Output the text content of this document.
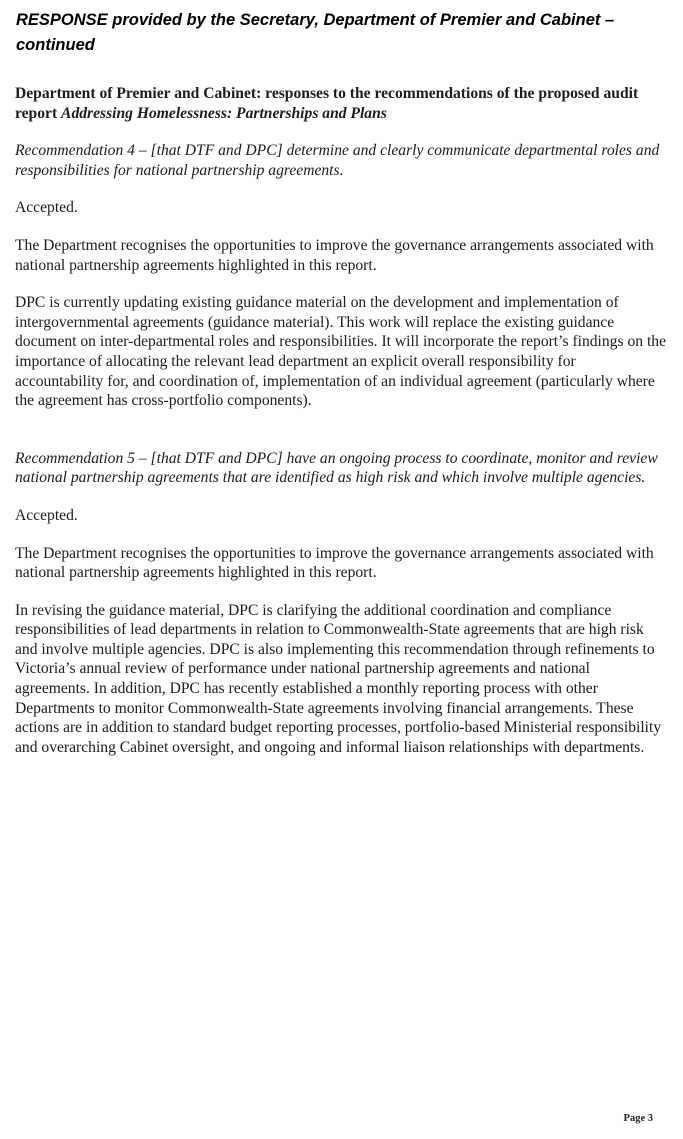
RESPONSE provided by the Secretary, Department of Premier and Cabinet –
continued

Department of Premier and Cabinet: responses to the recommendations of the proposed audit report Addressing Homelessness: Partnerships and Plans

Recommendation 4 – [that DTF and DPC] determine and clearly communicate departmental roles and responsibilities for national partnership agreements.

Accepted.

The Department recognises the opportunities to improve the governance arrangements associated with national partnership agreements highlighted in this report.

DPC is currently updating existing guidance material on the development and implementation of intergovernmental agreements (guidance material). This work will replace the existing guidance document on inter-departmental roles and responsibilities. It will incorporate the report’s findings on the importance of allocating the relevant lead department an explicit overall responsibility for accountability for, and coordination of, implementation of an individual agreement (particularly where the agreement has cross-portfolio components).

Recommendation 5 – [that DTF and DPC] have an ongoing process to coordinate, monitor and review national partnership agreements that are identified as high risk and which involve multiple agencies.

Accepted.

The Department recognises the opportunities to improve the governance arrangements associated with national partnership agreements highlighted in this report.

In revising the guidance material, DPC is clarifying the additional coordination and compliance responsibilities of lead departments in relation to Commonwealth-State agreements that are high risk and involve multiple agencies. DPC is also implementing this recommendation through refinements to Victoria’s annual review of performance under national partnership agreements and national agreements. In addition, DPC has recently established a monthly reporting process with other Departments to monitor Commonwealth-State agreements involving financial arrangements. These actions are in addition to standard budget reporting processes, portfolio-based Ministerial responsibility and overarching Cabinet oversight, and ongoing and informal liaison relationships with departments.

Page 3
